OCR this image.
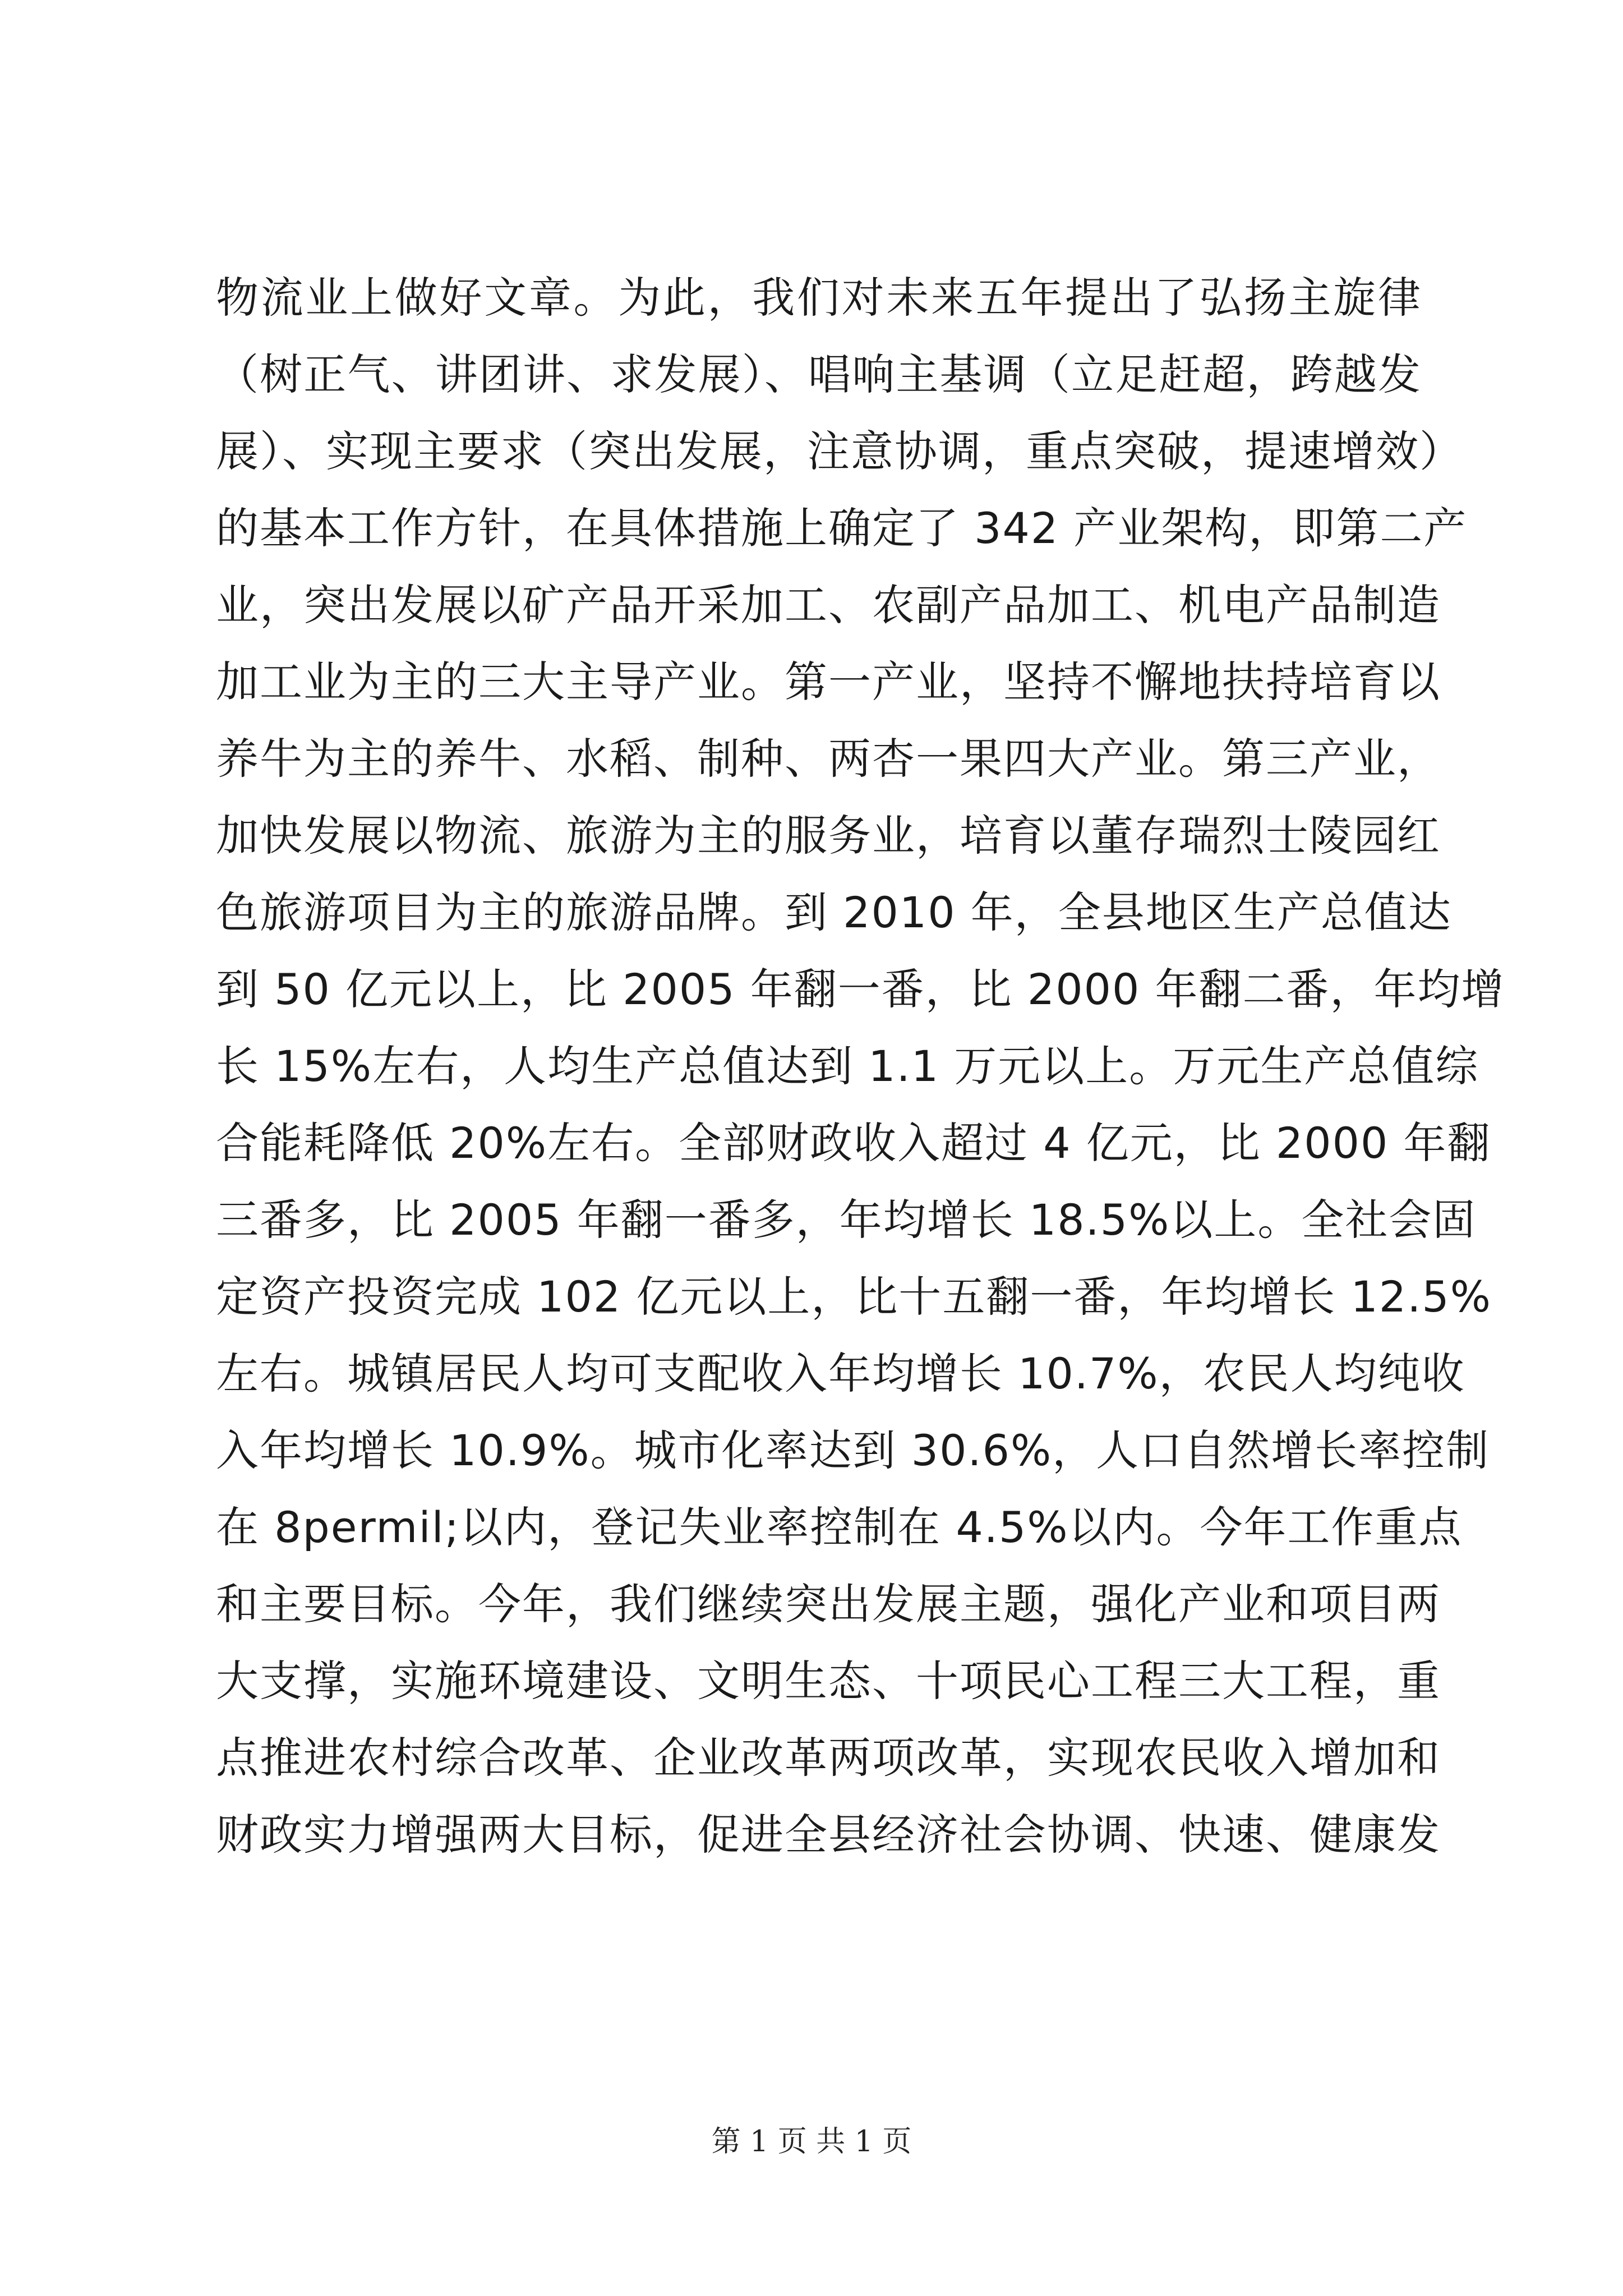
物流业上做好文章。为此，我们对未来五年提出了弘扬主旋律
（树正气、讲团讲、求发展）、唱响主基调（立足赶超，跨越发
展）、实现主要求（突出发展，注意协调，重点突破，提速增效）
的基本工作方针，在具体措施上确定了 342 产业架构，即第二产
业，突出发展以矿产品开采加工、农副产品加工、机电产品制造
加工业为主的三大主导产业。第一产业，坚持不懈地扶持培育以
养牛为主的养牛、水稻、制种、两杏一果四大产业。第三产业，
加快发展以物流、旅游为主的服务业，培育以董存瑞烈士陵园红
色旅游项目为主的旅游品牌。到 2010 年，全县地区生产总值达
到 50 亿元以上，比 2005 年翻一番，比 2000 年翻二番，年均增
长 15%左右，人均生产总值达到 1.1 万元以上。万元生产总值综
合能耗降低 20%左右。全部财政收入超过 4 亿元，比 2000 年翻
三番多，比 2005 年翻一番多，年均增长 18.5%以上。全社会固
定资产投资完成 102 亿元以上，比十五翻一番，年均增长 12.5%
左右。城镇居民人均可支配收入年均增长 10.7%，农民人均纯收
入年均增长 10.9%。城市化率达到 30.6%，人口自然增长率控制
在 8permil;以内，登记失业率控制在 4.5%以内。今年工作重点
和主要目标。今年，我们继续突出发展主题，强化产业和项目两
大支撑，实施环境建设、文明生态、十项民心工程三大工程，重
点推进农村综合改革、企业改革两项改革，实现农民收入增加和
财政实力增强两大目标，促进全县经济社会协调、快速、健康发
第 1 页 共 1 页
